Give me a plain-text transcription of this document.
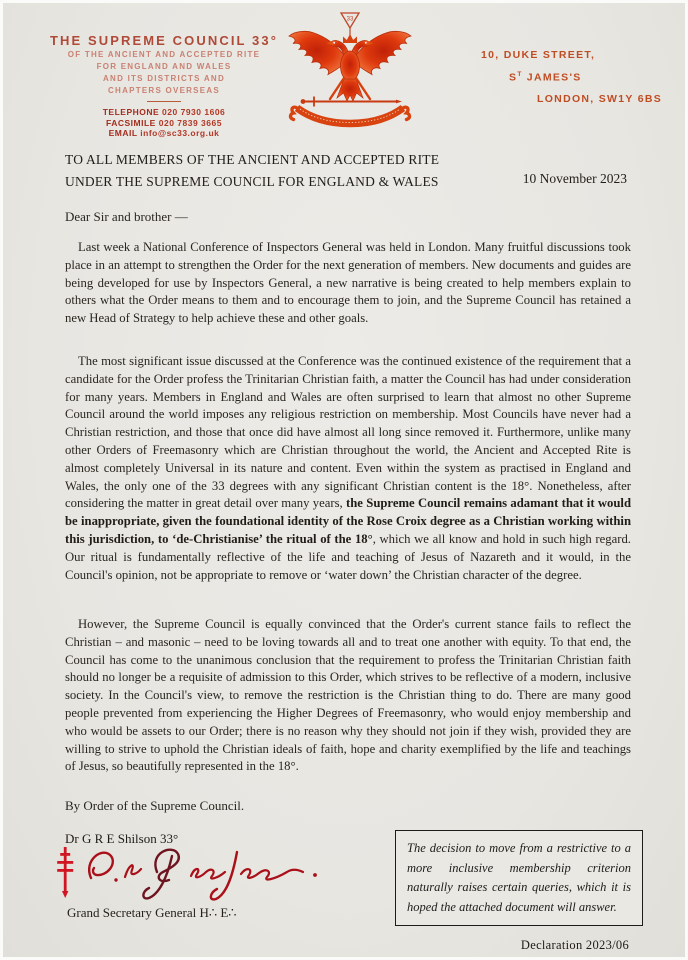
THE SUPREME COUNCIL 33°
OF THE ANCIENT AND ACCEPTED RITE
FOR ENGLAND AND WALES
AND ITS DISTRICTS AND
CHAPTERS OVERSEAS
TELEPHONE 020 7930 1606
FACSIMILE 020 7839 3665
EMAIL info@sc33.org.uk
33
10, DUKE STREET,
$S^T$ JAMES'S
LONDON, SW1Y 6BS
TO ALL MEMBERS OF THE ANCIENT AND ACCEPTED RITE
UNDER THE SUPREME COUNCIL FOR ENGLAND & WALES	10 November 2023
Dear Sir and brother —

Last week a National Conference of Inspectors General was held in London. Many fruitful discussions took place in an attempt to strengthen the Order for the next generation of members. New documents and guides are being developed for use by Inspectors General, a new narrative is being created to help members explain to others what the Order means to them and to encourage them to join, and the Supreme Council has retained a new Head of Strategy to help achieve these and other goals.

The most significant issue discussed at the Conference was the continued existence of the requirement that a candidate for the Order profess the Trinitarian Christian faith, a matter the Council has had under consideration for many years. Members in England and Wales are often surprised to learn that almost no other Supreme Council around the world imposes any religious restriction on membership. Most Councils have never had a Christian restriction, and those that once did have almost all long since removed it. Furthermore, unlike many other Orders of Freemasonry which are Christian throughout the world, the Ancient and Accepted Rite is almost completely Universal in its nature and content. Even within the system as practised in England and Wales, the only one of the 33 degrees with any significant Christian content is the 18°. Nonetheless, after considering the matter in great detail over many years, the Supreme Council remains adamant that it would be inappropriate, given the foundational identity of the Rose Croix degree as a Christian working within this jurisdiction, to ‘de-Christianise’ the ritual of the 18°, which we all know and hold in such high regard. Our ritual is fundamentally reflective of the life and teaching of Jesus of Nazareth and it would, in the Council's opinion, not be appropriate to remove or ‘water down’ the Christian character of the degree.

However, the Supreme Council is equally convinced that the Order's current stance fails to reflect the Christian – and masonic – need to be loving towards all and to treat one another with equity. To that end, the Council has come to the unanimous conclusion that the requirement to profess the Trinitarian Christian faith should no longer be a requisite of admission to this Order, which strives to be reflective of a modern, inclusive society. In the Council's view, to remove the restriction is the Christian thing to do. There are many good people prevented from experiencing the Higher Degrees of Freemasonry, who would enjoy membership and who would be assets to our Order; there is no reason why they should not join if they wish, provided they are willing to strive to uphold the Christian ideals of faith, hope and charity exemplified by the life and teachings of Jesus, so beautifully represented in the 18°.

By Order of the Supreme Council.
Dr G R E Shilson 33°
Grand Secretary General H∴ E∴
The decision to move from a restrictive to a more inclusive membership criterion naturally raises certain queries, which it is hoped the attached document will answer.
Declaration 2023/06
